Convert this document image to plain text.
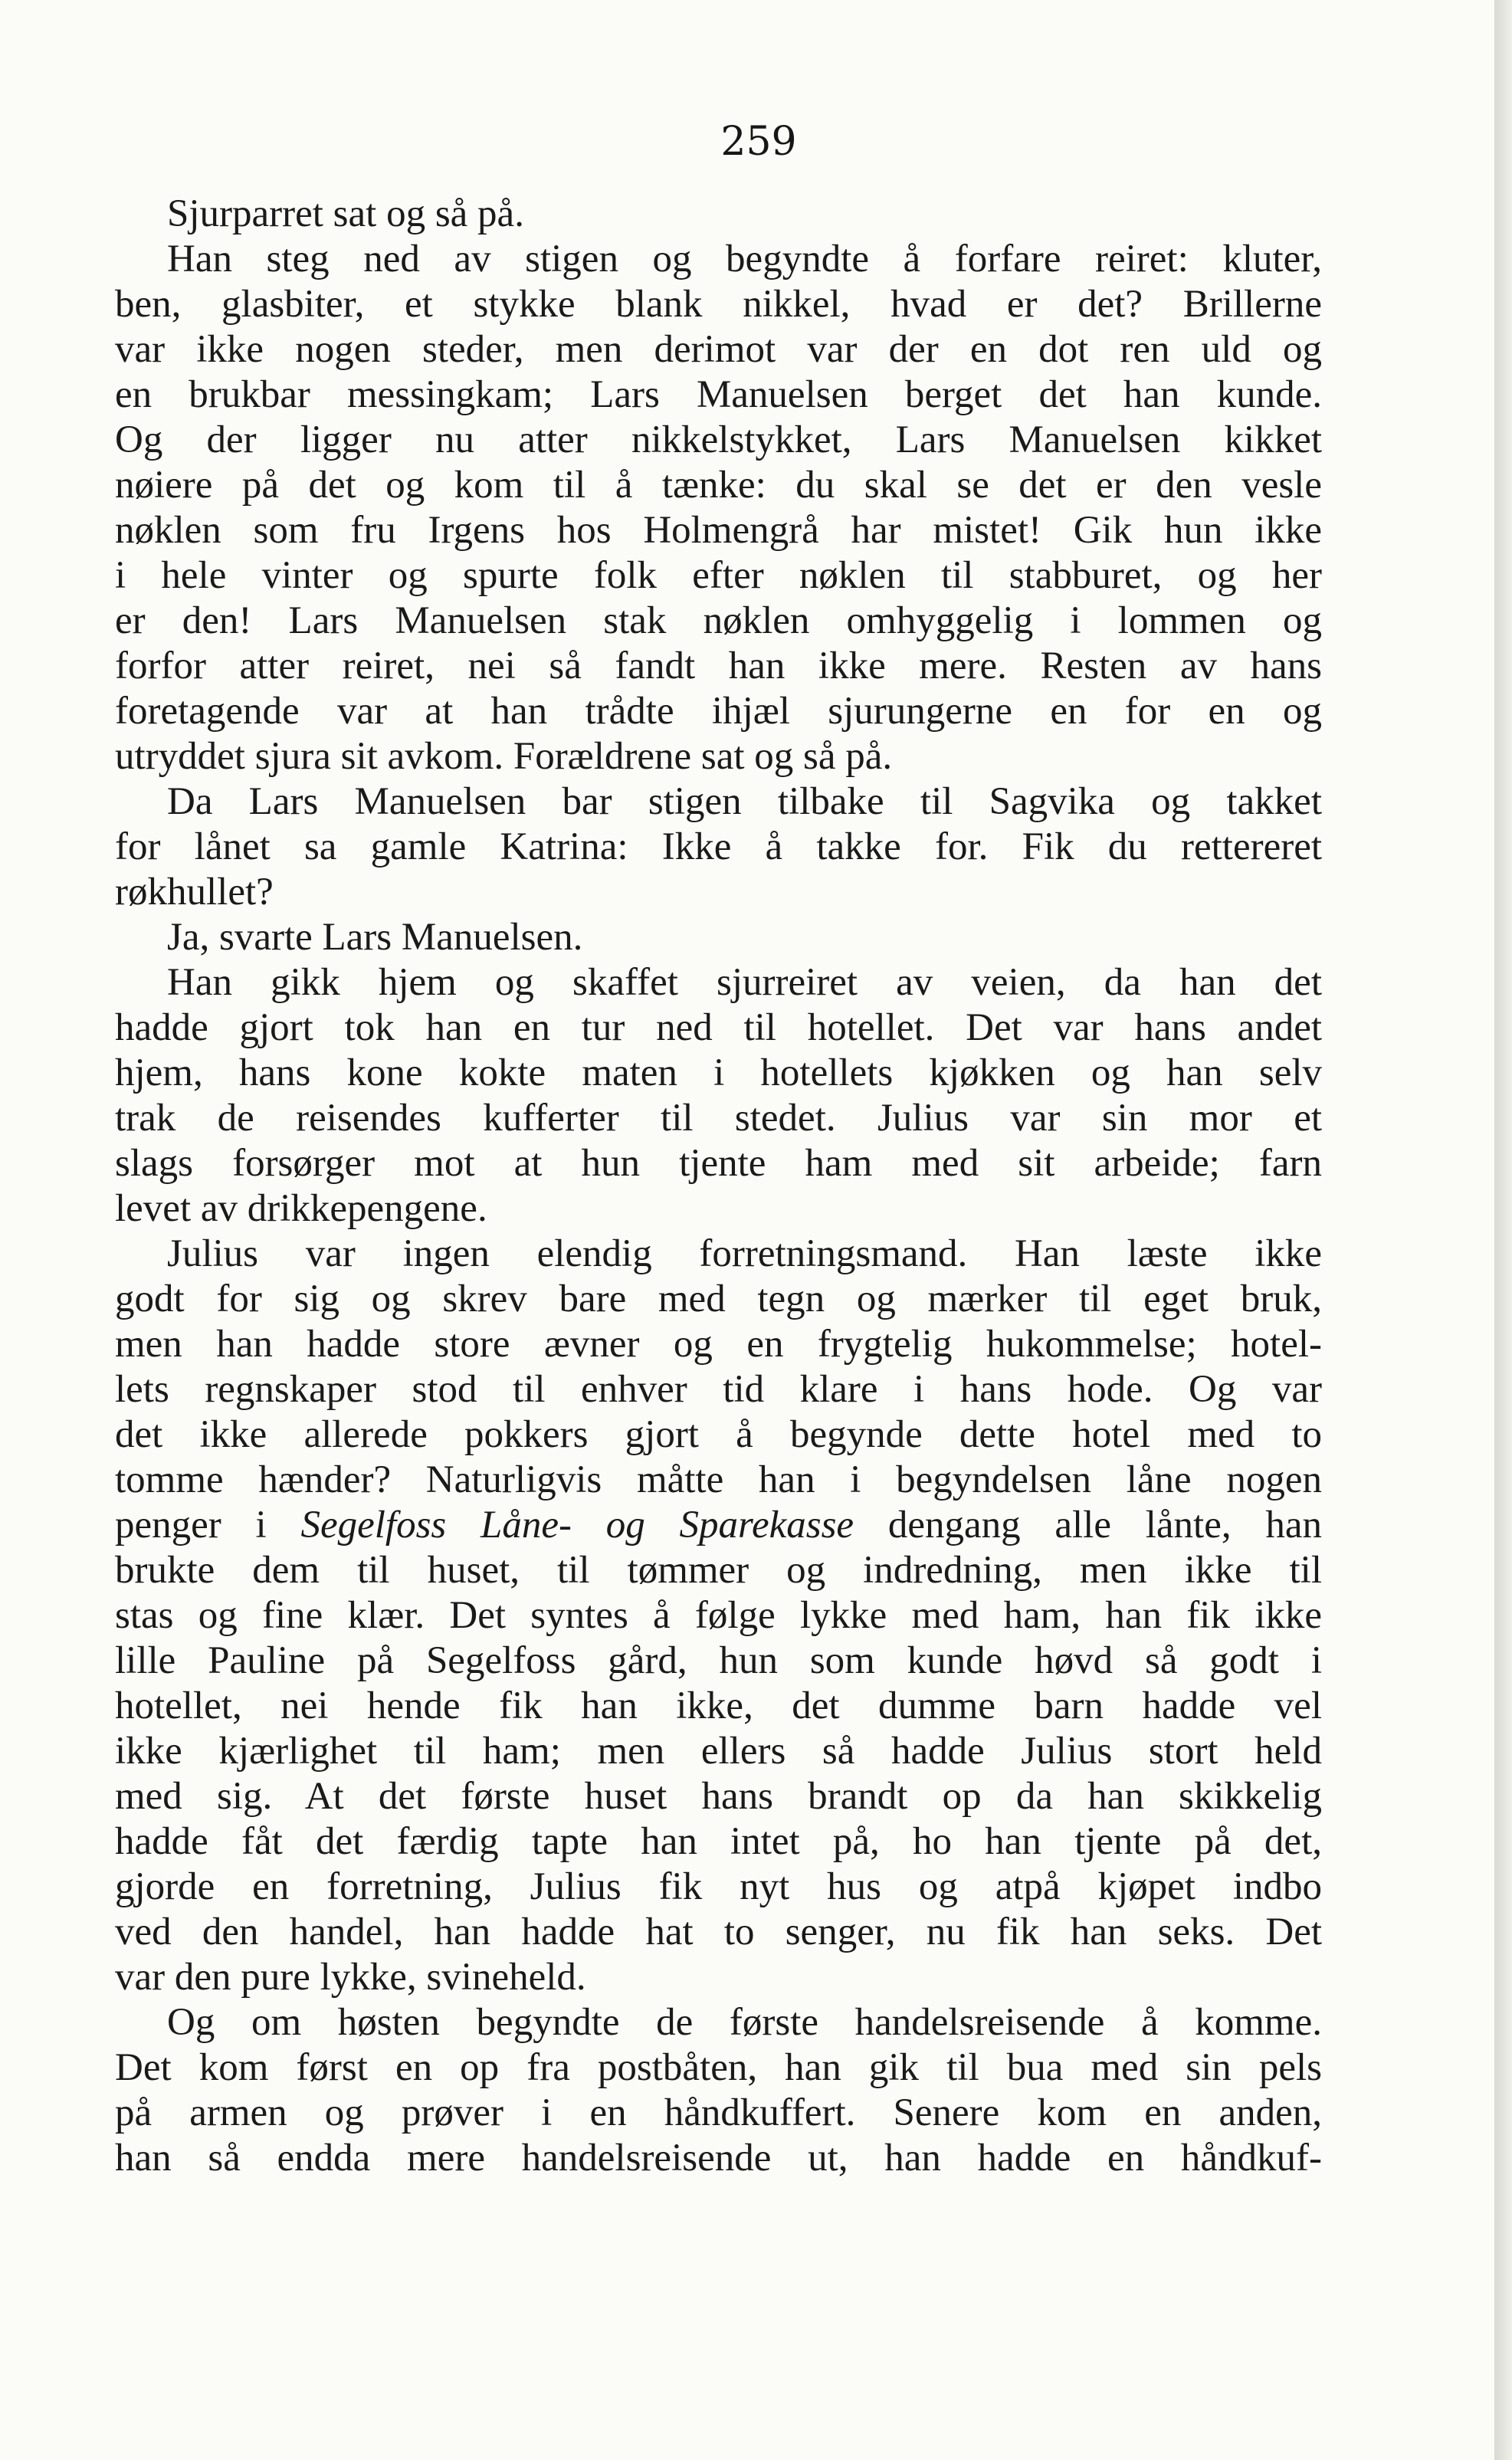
259
Sjurparret sat og så på.
Han steg ned av stigen og begyndte å forfare reiret: kluter,
ben, glasbiter, et stykke blank nikkel, hvad er det? Brillerne
var ikke nogen steder, men derimot var der en dot ren uld og
en brukbar messingkam; Lars Manuelsen berget det han kunde.
Og der ligger nu atter nikkelstykket, Lars Manuelsen kikket
nøiere på det og kom til å tænke: du skal se det er den vesle
nøklen som fru Irgens hos Holmengrå har mistet! Gik hun ikke
i hele vinter og spurte folk efter nøklen til stabburet, og her
er den! Lars Manuelsen stak nøklen omhyggelig i lommen og
forfor atter reiret, nei så fandt han ikke mere. Resten av hans
foretagende var at han trådte ihjæl sjurungerne en for en og
utryddet sjura sit avkom. Forældrene sat og så på.
Da Lars Manuelsen bar stigen tilbake til Sagvika og takket
for lånet sa gamle Katrina: Ikke å takke for. Fik du rettereret
røkhullet?
Ja, svarte Lars Manuelsen.
Han gikk hjem og skaffet sjurreiret av veien, da han det
hadde gjort tok han en tur ned til hotellet. Det var hans andet
hjem, hans kone kokte maten i hotellets kjøkken og han selv
trak de reisendes kufferter til stedet. Julius var sin mor et
slags forsørger mot at hun tjente ham med sit arbeide; farn
levet av drikkepengene.
Julius var ingen elendig forretningsmand. Han læste ikke
godt for sig og skrev bare med tegn og mærker til eget bruk,
men han hadde store ævner og en frygtelig hukommelse; hotel-
lets regnskaper stod til enhver tid klare i hans hode. Og var
det ikke allerede pokkers gjort å begynde dette hotel med to
tomme hænder? Naturligvis måtte han i begyndelsen låne nogen
penger i Segelfoss Låne- og Sparekasse dengang alle lånte, han
brukte dem til huset, til tømmer og indredning, men ikke til
stas og fine klær. Det syntes å følge lykke med ham, han fik ikke
lille Pauline på Segelfoss gård, hun som kunde høvd så godt i
hotellet, nei hende fik han ikke, det dumme barn hadde vel
ikke kjærlighet til ham; men ellers så hadde Julius stort held
med sig. At det første huset hans brandt op da han skikkelig
hadde fåt det færdig tapte han intet på, ho han tjente på det,
gjorde en forretning, Julius fik nyt hus og atpå kjøpet indbo
ved den handel, han hadde hat to senger, nu fik han seks. Det
var den pure lykke, svineheld.
Og om høsten begyndte de første handelsreisende å komme.
Det kom først en op fra postbåten, han gik til bua med sin pels
på armen og prøver i en håndkuffert. Senere kom en anden,
han så endda mere handelsreisende ut, han hadde en håndkuf-
